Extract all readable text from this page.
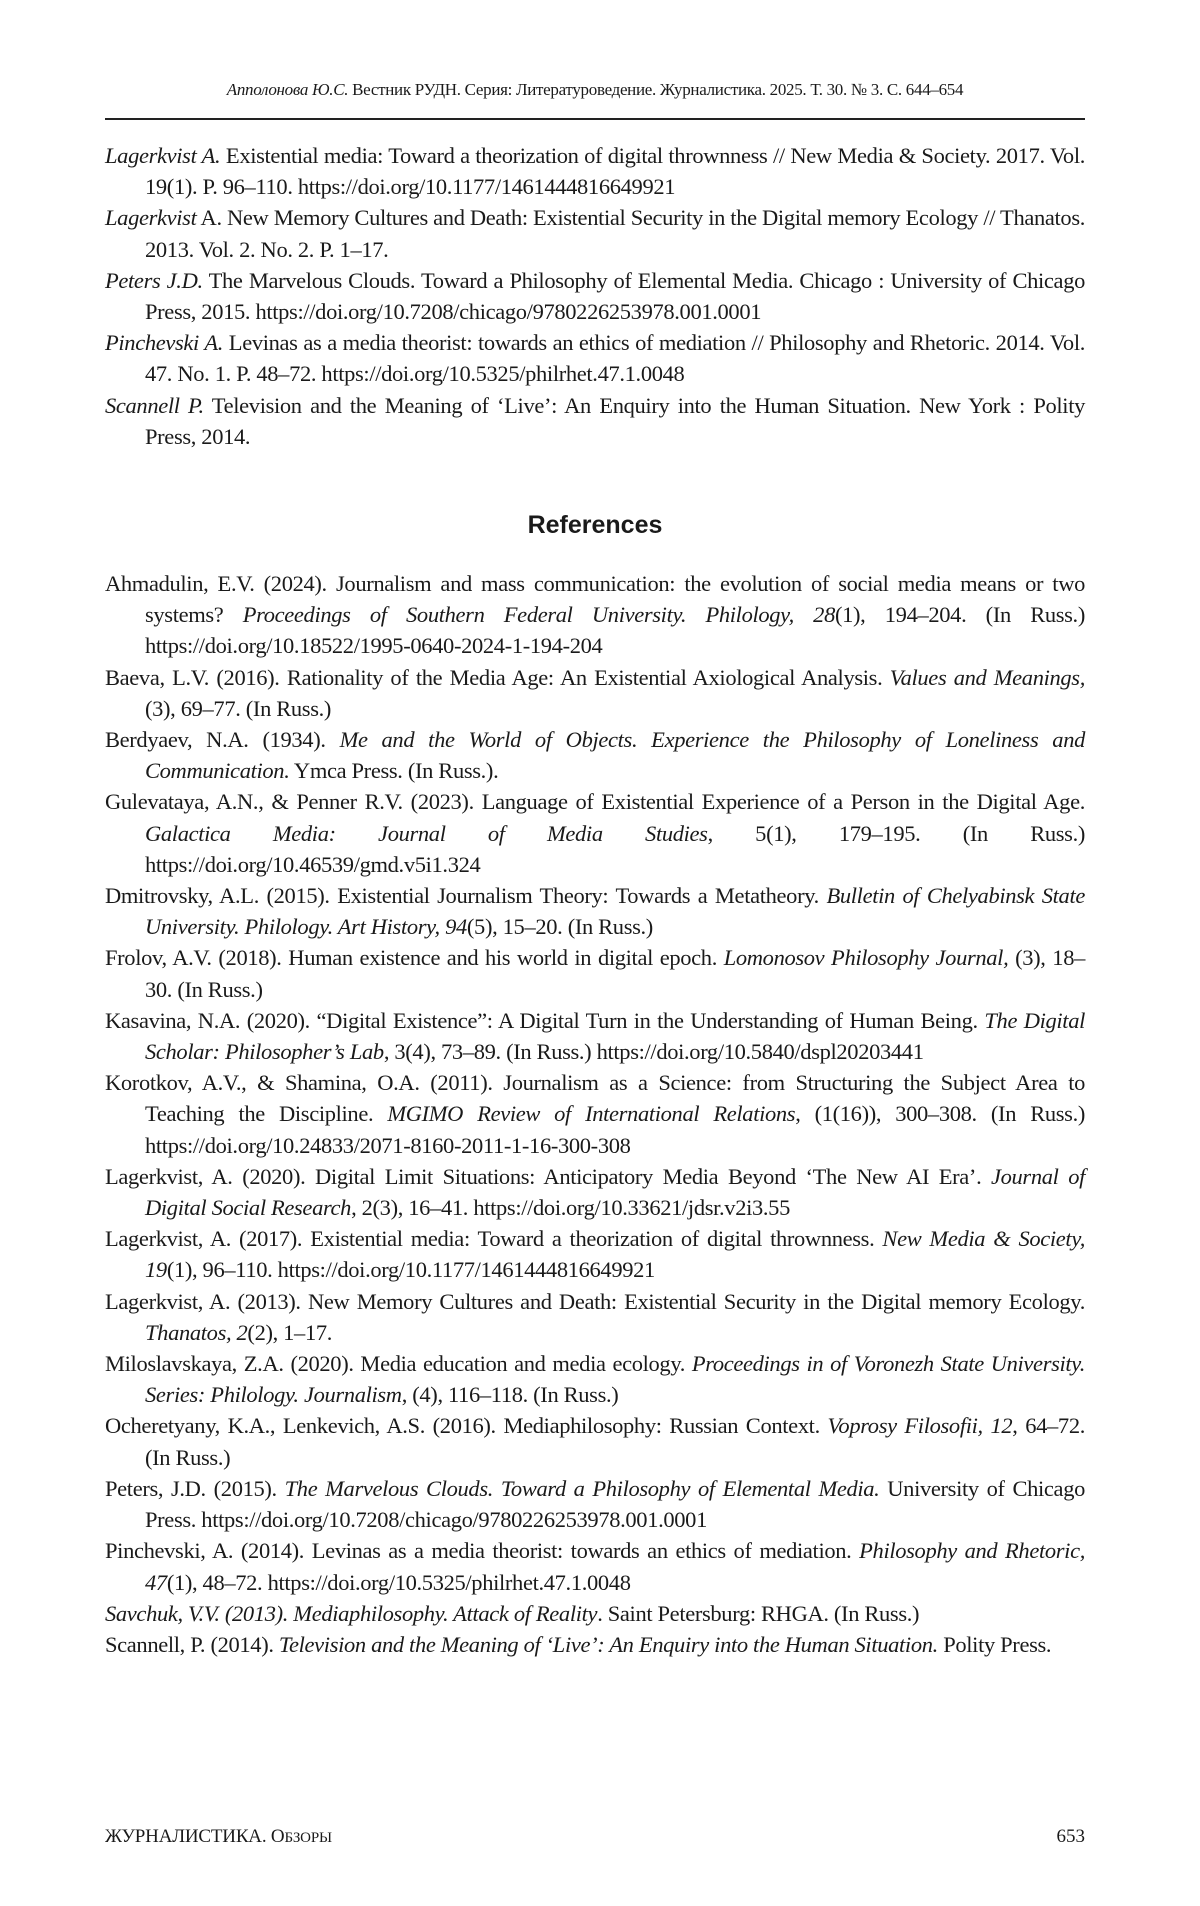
Апполонова Ю.С. Вестник РУДН. Серия: Литературоведение. Журналистика. 2025. Т. 30. № 3. С. 644–654

Lagerkvist A. Existential media: Toward a theorization of digital thrownness // New Media & Society. 2017. Vol. 19(1). P. 96–110. https://doi.org/10.1177/1461444816649921

Lagerkvist A. New Memory Cultures and Death: Existential Security in the Digital memory Ecology // Thanatos. 2013. Vol. 2. No. 2. P. 1–17.

Peters J.D. The Marvelous Clouds. Toward a Philosophy of Elemental Media. Chicago : University of Chicago Press, 2015. https://doi.org/10.7208/chicago/9780226253978.001.0001

Pinchevski A. Levinas as a media theorist: towards an ethics of mediation // Philosophy and Rhetoric. 2014. Vol. 47. No. 1. P. 48–72. https://doi.org/10.5325/philrhet.47.1.0048

Scannell P. Television and the Meaning of ‘Live’: An Enquiry into the Human Situation. New York : Polity Press, 2014.

References

Ahmadulin, E.V. (2024). Journalism and mass communication: the evolution of social media means or two systems? Proceedings of Southern Federal University. Philology, 28(1), 194–204. (In Russ.) https://doi.org/10.18522/1995-0640-2024-1-194-204

Baeva, L.V. (2016). Rationality of the Media Age: An Existential Axiological Analysis. Values and Meanings, (3), 69–77. (In Russ.)

Berdyaev, N.A. (1934). Me and the World of Objects. Experience the Philosophy of Loneliness and Communication. Ymca Press. (In Russ.).

Gulevataya, A.N., & Penner R.V. (2023). Language of Existential Experience of a Person in the Digital Age. Galactica Media: Journal of Media Studies, 5(1), 179–195. (In Russ.) https://doi.org/10.46539/gmd.v5i1.324

Dmitrovsky, A.L. (2015). Existential Journalism Theory: Towards a Metatheory. Bulletin of Chelyabinsk State University. Philology. Art History, 94(5), 15–20. (In Russ.)

Frolov, A.V. (2018). Human existence and his world in digital epoch. Lomonosov Philosophy Journal, (3), 18–30. (In Russ.)

Kasavina, N.A. (2020). “Digital Existence”: A Digital Turn in the Understanding of Human Being. The Digital Scholar: Philosopher’s Lab, 3(4), 73–89. (In Russ.) https://doi.org/10.5840/dspl20203441

Korotkov, A.V., & Shamina, O.A. (2011). Journalism as a Science: from Structuring the Subject Area to Teaching the Discipline. MGIMO Review of International Relations, (1(16)), 300–308. (In Russ.) https://doi.org/10.24833/2071-8160-2011-1-16-300-308

Lagerkvist, A. (2020). Digital Limit Situations: Anticipatory Media Beyond ‘The New AI Era’. Journal of Digital Social Research, 2(3), 16–41. https://doi.org/10.33621/jdsr.v2i3.55

Lagerkvist, A. (2017). Existential media: Toward a theorization of digital thrownness. New Media & Society, 19(1), 96–110. https://doi.org/10.1177/1461444816649921

Lagerkvist, A. (2013). New Memory Cultures and Death: Existential Security in the Digital memory Ecology. Thanatos, 2(2), 1–17.

Miloslavskaya, Z.A. (2020). Media education and media ecology. Proceedings in of Voronezh State University. Series: Philology. Journalism, (4), 116–118. (In Russ.)

Ocheretyany, K.A., Lenkevich, A.S. (2016). Mediaphilosophy: Russian Context. Voprosy Filosofii, 12, 64–72. (In Russ.)

Peters, J.D. (2015). The Marvelous Clouds. Toward a Philosophy of Elemental Media. University of Chicago Press. https://doi.org/10.7208/chicago/9780226253978.001.0001

Pinchevski, A. (2014). Levinas as a media theorist: towards an ethics of mediation. Philosophy and Rhetoric, 47(1), 48–72. https://doi.org/10.5325/philrhet.47.1.0048

Savchuk, V.V. (2013). Mediaphilosophy. Attack of Reality. Saint Petersburg: RHGA. (In Russ.)

Scannell, P. (2014). Television and the Meaning of ‘Live’: An Enquiry into the Human Situation. Polity Press.

ЖУРНАЛИСТИКА. ОБЗОРЫ	653
